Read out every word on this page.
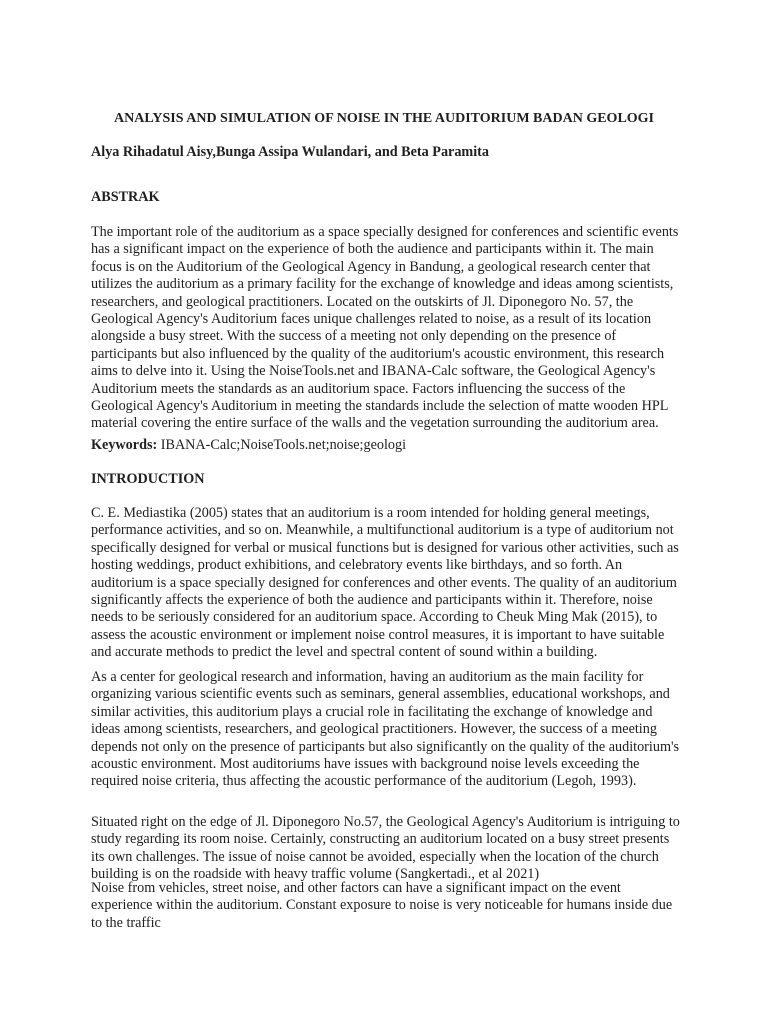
ANALYSIS AND SIMULATION OF NOISE IN THE AUDITORIUM BADAN GEOLOGI

Alya Rihadatul Aisy,Bunga Assipa Wulandari, and Beta Paramita

ABSTRAK

The important role of the auditorium as a space specially designed for conferences and scientific events has a significant impact on the experience of both the audience and participants within it. The main focus is on the Auditorium of the Geological Agency in Bandung, a geological research center that utilizes the auditorium as a primary facility for the exchange of knowledge and ideas among scientists, researchers, and geological practitioners. Located on the outskirts of Jl. Diponegoro No. 57, the Geological Agency's Auditorium faces unique challenges related to noise, as a result of its location alongside a busy street. With the success of a meeting not only depending on the presence of participants but also influenced by the quality of the auditorium's acoustic environment, this research aims to delve into it. Using the NoiseTools.net and IBANA-Calc software, the Geological Agency's Auditorium meets the standards as an auditorium space. Factors influencing the success of the Geological Agency's Auditorium in meeting the standards include the selection of matte wooden HPL material covering the entire surface of the walls and the vegetation surrounding the auditorium area.

Keywords: IBANA-Calc;NoiseTools.net;noise;geologi

INTRODUCTION

C. E. Mediastika (2005) states that an auditorium is a room intended for holding general meetings, performance activities, and so on. Meanwhile, a multifunctional auditorium is a type of auditorium not specifically designed for verbal or musical functions but is designed for various other activities, such as hosting weddings, product exhibitions, and celebratory events like birthdays, and so forth. An auditorium is a space specially designed for conferences and other events. The quality of an auditorium significantly affects the experience of both the audience and participants within it. Therefore, noise needs to be seriously considered for an auditorium space. According to Cheuk Ming Mak (2015), to assess the acoustic environment or implement noise control measures, it is important to have suitable and accurate methods to predict the level and spectral content of sound within a building.

As a center for geological research and information, having an auditorium as the main facility for organizing various scientific events such as seminars, general assemblies, educational workshops, and similar activities, this auditorium plays a crucial role in facilitating the exchange of knowledge and ideas among scientists, researchers, and geological practitioners. However, the success of a meeting depends not only on the presence of participants but also significantly on the quality of the auditorium's acoustic environment. Most auditoriums have issues with background noise levels exceeding the required noise criteria, thus affecting the acoustic performance of the auditorium (Legoh, 1993).

Situated right on the edge of Jl. Diponegoro No.57, the Geological Agency's Auditorium is intriguing to study regarding its room noise. Certainly, constructing an auditorium located on a busy street presents its own challenges. The issue of noise cannot be avoided, especially when the location of the church building is on the roadside with heavy traffic volume (Sangkertadi., et al 2021)

Noise from vehicles, street noise, and other factors can have a significant impact on the event experience within the auditorium. Constant exposure to noise is very noticeable for humans inside due to the traffic
